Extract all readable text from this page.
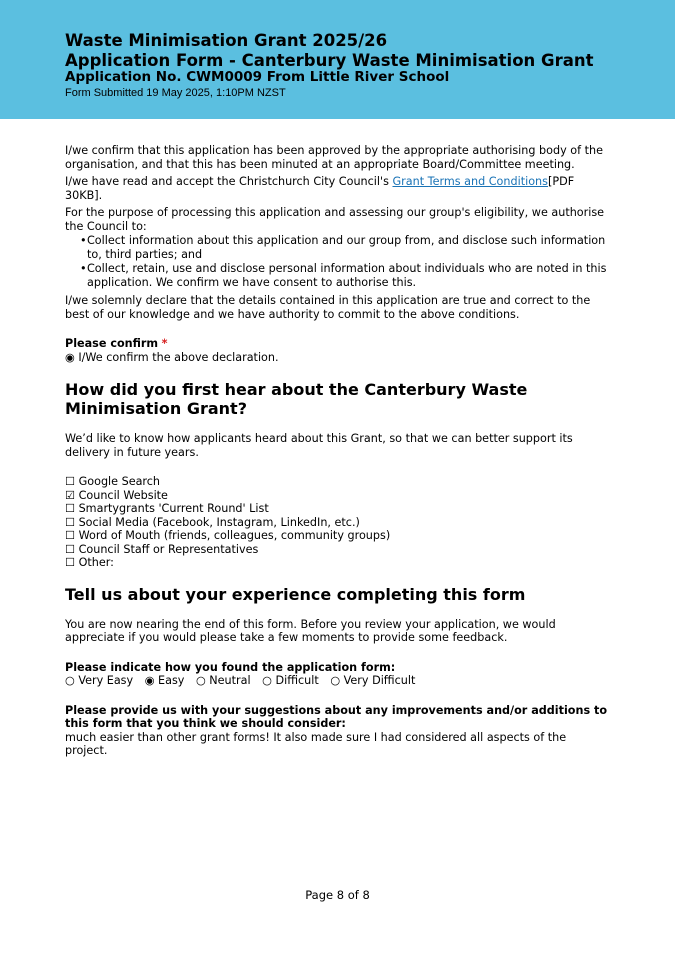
Waste Minimisation Grant 2025/26
Application Form - Canterbury Waste Minimisation Grant
Application No. CWM0009 From Little River School
Form Submitted 19 May 2025, 1:10PM NZST

I/we confirm that this application has been approved by the appropriate authorising body of the organisation, and that this has been minuted at an appropriate Board/Committee meeting.

I/we have read and accept the Christchurch City Council's Grant Terms and Conditions[PDF 30KB].

For the purpose of processing this application and assessing our group's eligibility, we authorise the Council to:

• Collect information about this application and our group from, and disclose such information to, third parties; and
• Collect, retain, use and disclose personal information about individuals who are noted in this application. We confirm we have consent to authorise this.

I/we solemnly declare that the details contained in this application are true and correct to the best of our knowledge and we have authority to commit to the above conditions.

Please confirm *
◉ I/We confirm the above declaration.
How did you first hear about the Canterbury Waste Minimisation Grant?

We’d like to know how applicants heard about this Grant, so that we can better support its delivery in future years.

☐ Google Search
☑ Council Website
☐ Smartygrants 'Current Round' List
☐ Social Media (Facebook, Instagram, LinkedIn, etc.)
☐ Word of Mouth (friends, colleagues, community groups)
☐ Council Staff or Representatives
☐ Other:
Tell us about your experience completing this form

You are now nearing the end of this form. Before you review your application, we would appreciate if you would please take a few moments to provide some feedback.

Please indicate how you found the application form:
○ Very Easy ◉ Easy ○ Neutral ○ Difficult ○ Very Difficult
Please provide us with your suggestions about any improvements and/or additions to this form that you think we should consider:
much easier than other grant forms! It also made sure I had considered all aspects of the project.
Page 8 of 8
